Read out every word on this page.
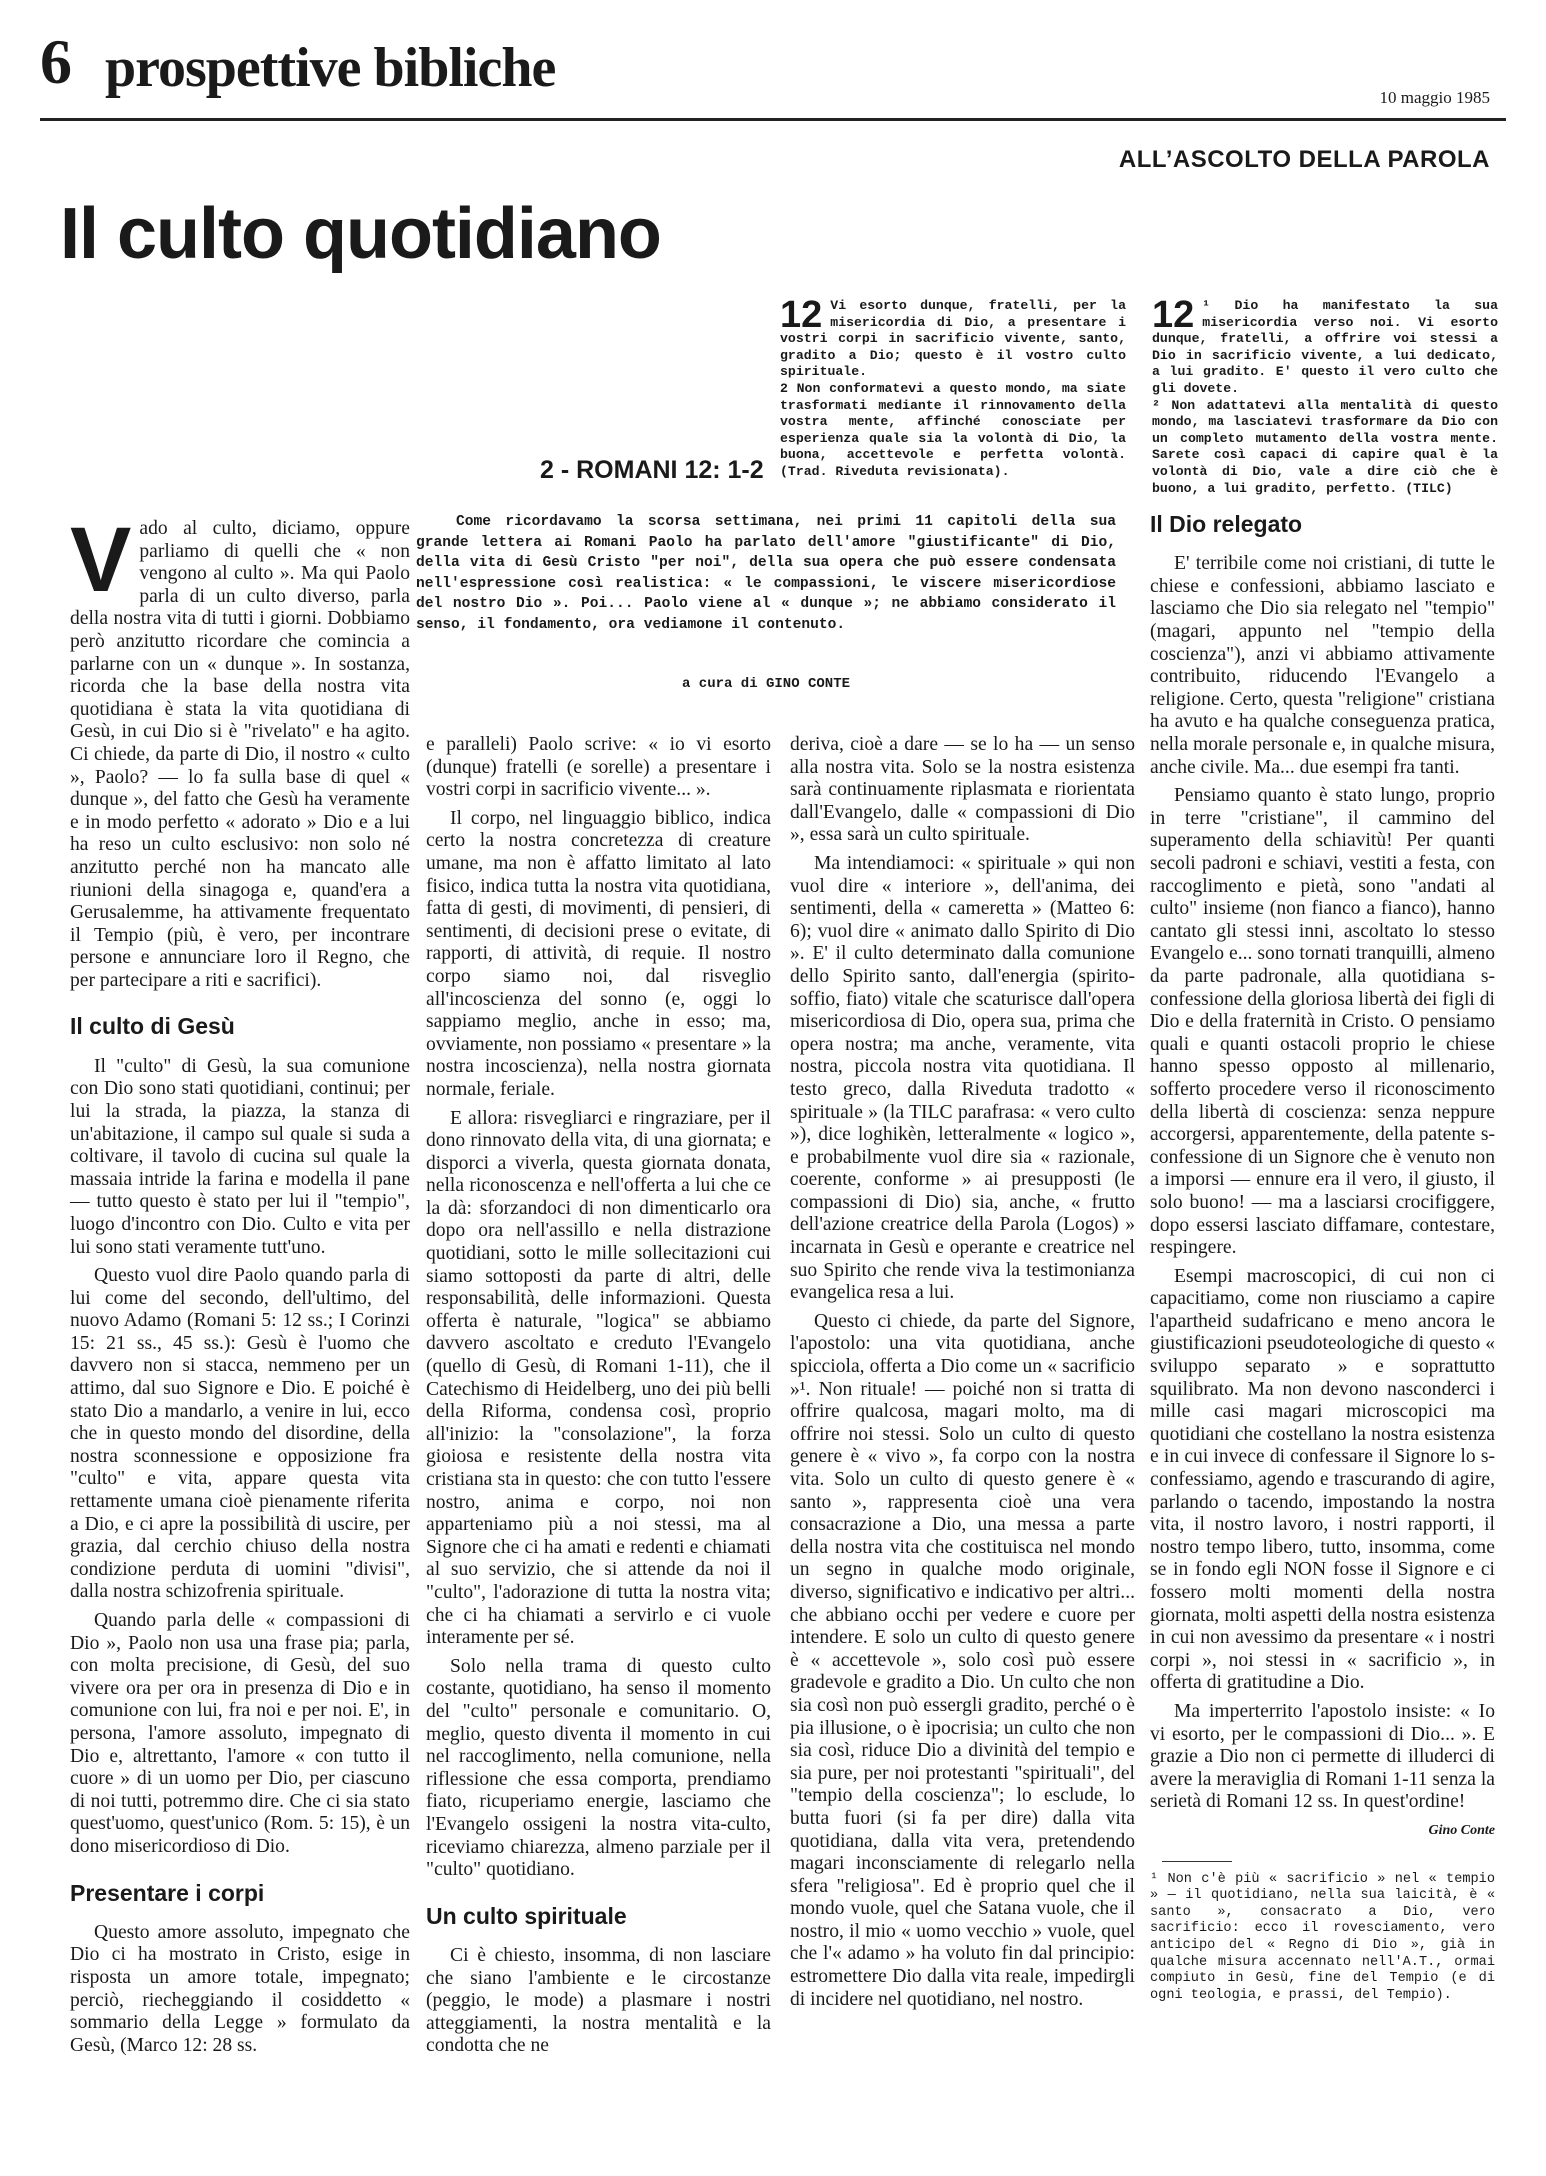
6 prospettive bibliche	10 maggio 1985
ALL’ASCOLTO DELLA PAROLA
Il culto quotidiano
2 - ROMANI 12: 1-2
12 Vi esorto dunque, fratelli, per la misericordia di Dio, a presentare i vostri corpi in sacrificio vivente, santo, gradito a Dio; questo è il vostro culto spirituale.

2 Non conformatevi a questo mondo, ma siate trasformati mediante il rinnovamento della vostra mente, affinché conosciate per esperienza quale sia la volontà di Dio, la buona, accettevole e perfetta volontà. (Trad. Riveduta revisionata).

12 ¹ Dio ha manifestato la sua misericordia verso noi. Vi esorto dunque, fratelli, a offrire voi stessi a Dio in sacrificio vivente, a lui dedicato, a lui gradito. E' questo il vero culto che gli dovete.

² Non adattatevi alla mentalità di questo mondo, ma lasciatevi trasformare da Dio con un completo mutamento della vostra mente. Sarete così capaci di capire qual è la volontà di Dio, vale a dire ciò che è buono, a lui gradito, perfetto. (TILC)

Come ricordavamo la scorsa settimana, nei primi 11 capitoli della sua grande lettera ai Romani Paolo ha parlato dell'amore "giustificante" di Dio, della vita di Gesù Cristo "per noi", della sua opera che può essere condensata nell'espressione così realistica: « le compassioni, le viscere misericordiose del nostro Dio ». Poi... Paolo viene al « dunque »; ne abbiamo considerato il senso, il fondamento, ora vediamone il contenuto.

a cura di GINO CONTE

Vado al culto, diciamo, oppure parliamo di quelli che « non vengono al culto ». Ma qui Paolo parla di un culto diverso, parla della nostra vita di tutti i giorni. Dobbiamo però anzitutto ricordare che comincia a parlarne con un « dunque ». In sostanza, ricorda che la base della nostra vita quotidiana è stata la vita quotidiana di Gesù, in cui Dio si è "rivelato" e ha agito. Ci chiede, da parte di Dio, il nostro « culto », Paolo? — lo fa sulla base di quel « dunque », del fatto che Gesù ha veramente e in modo perfetto « adorato » Dio e a lui ha reso un culto esclusivo: non solo né anzitutto perché non ha mancato alle riunioni della sinagoga e, quand'era a Gerusalemme, ha attivamente frequentato il Tempio (più, è vero, per incontrare persone e annunciare loro il Regno, che per partecipare a riti e sacrifici).

Il culto di Gesù

Il "culto" di Gesù, la sua comunione con Dio sono stati quotidiani, continui; per lui la strada, la piazza, la stanza di un'abitazione, il campo sul quale si suda a coltivare, il tavolo di cucina sul quale la massaia intride la farina e modella il pane — tutto questo è stato per lui il "tempio", luogo d'incontro con Dio. Culto e vita per lui sono stati veramente tutt'uno.

Questo vuol dire Paolo quando parla di lui come del secondo, dell'ultimo, del nuovo Adamo (Romani 5: 12 ss.; I Corinzi 15: 21 ss., 45 ss.): Gesù è l'uomo che davvero non si stacca, nemmeno per un attimo, dal suo Signore e Dio. E poiché è stato Dio a mandarlo, a venire in lui, ecco che in questo mondo del disordine, della nostra sconnessione e opposizione fra "culto" e vita, appare questa vita rettamente umana cioè pienamente riferita a Dio, e ci apre la possibilità di uscire, per grazia, dal cerchio chiuso della nostra condizione perduta di uomini "divisi", dalla nostra schizofrenia spirituale.

Quando parla delle « compassioni di Dio », Paolo non usa una frase pia; parla, con molta precisione, di Gesù, del suo vivere ora per ora in presenza di Dio e in comunione con lui, fra noi e per noi. E', in persona, l'amore assoluto, impegnato di Dio e, altrettanto, l'amore « con tutto il cuore » di un uomo per Dio, per ciascuno di noi tutti, potremmo dire. Che ci sia stato quest'uomo, quest'unico (Rom. 5: 15), è un dono misericordioso di Dio.

Presentare i corpi

Questo amore assoluto, impegnato che Dio ci ha mostrato in Cristo, esige in risposta un amore totale, impegnato; perciò, riecheggiando il cosiddetto « sommario della Legge » formulato da Gesù, (Marco 12: 28 ss.

e paralleli) Paolo scrive: « io vi esorto (dunque) fratelli (e sorelle) a presentare i vostri corpi in sacrificio vivente... ».

Il corpo, nel linguaggio biblico, indica certo la nostra concretezza di creature umane, ma non è affatto limitato al lato fisico, indica tutta la nostra vita quotidiana, fatta di gesti, di movimenti, di pensieri, di sentimenti, di decisioni prese o evitate, di rapporti, di attività, di requie. Il nostro corpo siamo noi, dal risveglio all'incoscienza del sonno (e, oggi lo sappiamo meglio, anche in esso; ma, ovviamente, non possiamo « presentare » la nostra incoscienza), nella nostra giornata normale, feriale.

E allora: risvegliarci e ringraziare, per il dono rinnovato della vita, di una giornata; e disporci a viverla, questa giornata donata, nella riconoscenza e nell'offerta a lui che ce la dà: sforzandoci di non dimenticarlo ora dopo ora nell'assillo e nella distrazione quotidiani, sotto le mille sollecitazioni cui siamo sottoposti da parte di altri, delle responsabilità, delle informazioni. Questa offerta è naturale, "logica" se abbiamo davvero ascoltato e creduto l'Evangelo (quello di Gesù, di Romani 1-11), che il Catechismo di Heidelberg, uno dei più belli della Riforma, condensa così, proprio all'inizio: la "consolazione", la forza gioiosa e resistente della nostra vita cristiana sta in questo: che con tutto l'essere nostro, anima e corpo, noi non apparteniamo più a noi stessi, ma al Signore che ci ha amati e redenti e chiamati al suo servizio, che si attende da noi il "culto", l'adorazione di tutta la nostra vita; che ci ha chiamati a servirlo e ci vuole interamente per sé.

Solo nella trama di questo culto costante, quotidiano, ha senso il momento del "culto" personale e comunitario. O, meglio, questo diventa il momento in cui nel raccoglimento, nella comunione, nella riflessione che essa comporta, prendiamo fiato, ricuperiamo energie, lasciamo che l'Evangelo ossigeni la nostra vita-culto, riceviamo chiarezza, almeno parziale per il "culto" quotidiano.

Un culto spirituale

Ci è chiesto, insomma, di non lasciare che siano l'ambiente e le circostanze (peggio, le mode) a plasmare i nostri atteggiamenti, la nostra mentalità e la condotta che ne

deriva, cioè a dare — se lo ha — un senso alla nostra vita. Solo se la nostra esistenza sarà continuamente riplasmata e riorientata dall'Evangelo, dalle « compassioni di Dio », essa sarà un culto spirituale.

Ma intendiamoci: « spirituale » qui non vuol dire « interiore », dell'anima, dei sentimenti, della « cameretta » (Matteo 6: 6); vuol dire « animato dallo Spirito di Dio ». E' il culto determinato dalla comunione dello Spirito santo, dall'energia (spirito- soffio, fiato) vitale che scaturisce dall'opera misericordiosa di Dio, opera sua, prima che opera nostra; ma anche, veramente, vita nostra, piccola nostra vita quotidiana. Il testo greco, dalla Riveduta tradotto « spirituale » (la TILC parafrasa: « vero culto »), dice loghikèn, letteralmente « logico », e probabilmente vuol dire sia « razionale, coerente, conforme » ai presupposti (le compassioni di Dio) sia, anche, « frutto dell'azione creatrice della Parola (Logos) » incarnata in Gesù e operante e creatrice nel suo Spirito che rende viva la testimonianza evangelica resa a lui.

Questo ci chiede, da parte del Signore, l'apostolo: una vita quotidiana, anche spicciola, offerta a Dio come un « sacrificio »¹. Non rituale! — poiché non si tratta di offrire qualcosa, magari molto, ma di offrire noi stessi. Solo un culto di questo genere è « vivo », fa corpo con la nostra vita. Solo un culto di questo genere è « santo », rappresenta cioè una vera consacrazione a Dio, una messa a parte della nostra vita che costituisca nel mondo un segno in qualche modo originale, diverso, significativo e indicativo per altri... che abbiano occhi per vedere e cuore per intendere. E solo un culto di questo genere è « accettevole », solo così può essere gradevole e gradito a Dio. Un culto che non sia così non può essergli gradito, perché o è pia illusione, o è ipocrisia; un culto che non sia così, riduce Dio a divinità del tempio e sia pure, per noi protestanti "spirituali", del "tempio della coscienza"; lo esclude, lo butta fuori (si fa per dire) dalla vita quotidiana, dalla vita vera, pretendendo magari inconsciamente di relegarlo nella sfera "religiosa". Ed è proprio quel che il mondo vuole, quel che Satana vuole, che il nostro, il mio « uomo vecchio » vuole, quel che l'« adamo » ha voluto fin dal principio: estromettere Dio dalla vita reale, impedirgli di incidere nel quotidiano, nel nostro.

Il Dio relegato

E' terribile come noi cristiani, di tutte le chiese e confessioni, abbiamo lasciato e lasciamo che Dio sia relegato nel "tempio" (magari, appunto nel "tempio della coscienza"), anzi vi abbiamo attivamente contribuito, riducendo l'Evangelo a religione. Certo, questa "religione" cristiana ha avuto e ha qualche conseguenza pratica, nella morale personale e, in qualche misura, anche civile. Ma... due esempi fra tanti.

Pensiamo quanto è stato lungo, proprio in terre "cristiane", il cammino del superamento della schiavitù! Per quanti secoli padroni e schiavi, vestiti a festa, con raccoglimento e pietà, sono "andati al culto" insieme (non fianco a fianco), hanno cantato gli stessi inni, ascoltato lo stesso Evangelo e... sono tornati tranquilli, almeno da parte padronale, alla quotidiana s-confessione della gloriosa libertà dei figli di Dio e della fraternità in Cristo. O pensiamo quali e quanti ostacoli proprio le chiese hanno spesso opposto al millenario, sofferto procedere verso il riconoscimento della libertà di coscienza: senza neppure accorgersi, apparentemente, della patente s-confessione di un Signore che è venuto non a imporsi — ennure era il vero, il giusto, il solo buono! — ma a lasciarsi crocifiggere, dopo essersi lasciato diffamare, contestare, respingere.

Esempi macroscopici, di cui non ci capacitiamo, come non riusciamo a capire l'apartheid sudafricano e meno ancora le giustificazioni pseudoteologiche di questo « sviluppo separato » e soprattutto squilibrato. Ma non devono nasconderci i mille casi magari microscopici ma quotidiani che costellano la nostra esistenza e in cui invece di confessare il Signore lo s-confessiamo, agendo e trascurando di agire, parlando o tacendo, impostando la nostra vita, il nostro lavoro, i nostri rapporti, il nostro tempo libero, tutto, insomma, come se in fondo egli NON fosse il Signore e ci fossero molti momenti della nostra giornata, molti aspetti della nostra esistenza in cui non avessimo da presentare « i nostri corpi », noi stessi in « sacrificio », in offerta di gratitudine a Dio.

Ma imperterrito l'apostolo insiste: « Io vi esorto, per le compassioni di Dio... ». E grazie a Dio non ci permette di illuderci di avere la meraviglia di Romani 1-11 senza la serietà di Romani 12 ss. In quest'ordine!

Gino Conte
¹ Non c'è più « sacrificio » nel « tempio » — il quotidiano, nella sua laicità, è « santo », consacrato a Dio, vero sacrificio: ecco il rovesciamento, vero anticipo del « Regno di Dio », già in qualche misura accennato nell'A.T., ormai compiuto in Gesù, fine del Tempio (e di ogni teologia, e prassi, del Tempio).
